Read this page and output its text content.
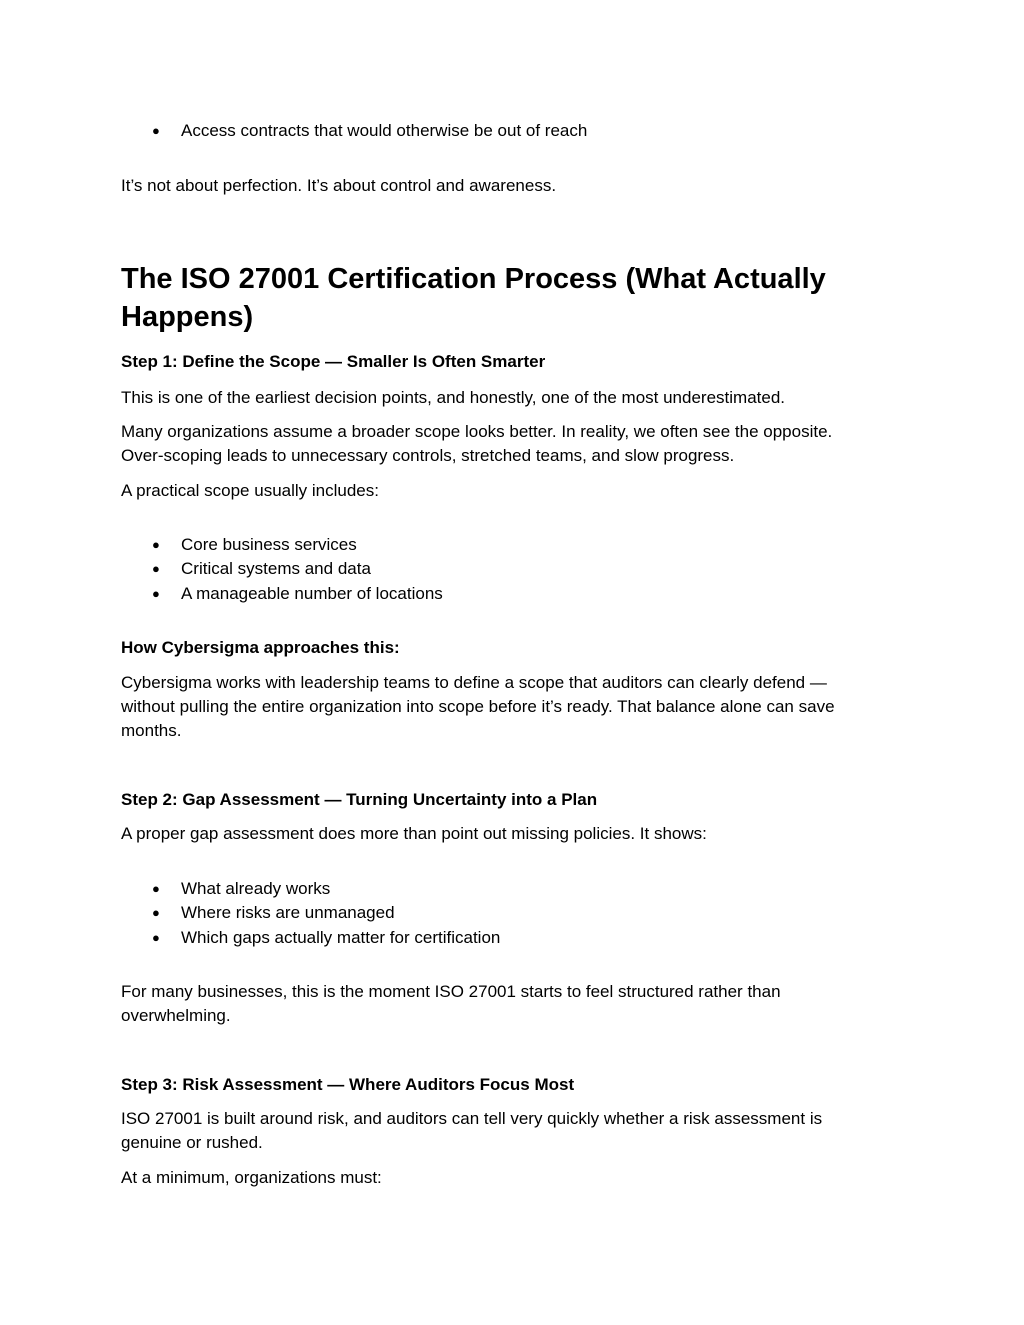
● Access contracts that would otherwise be out of reach

It’s not about perfection. It’s about control and awareness.

The ISO 27001 Certification Process (What Actually Happens)
Step 1: Define the Scope — Smaller Is Often Smarter

This is one of the earliest decision points, and honestly, one of the most underestimated.

Many organizations assume a broader scope looks better. In reality, we often see the opposite.

Over-scoping leads to unnecessary controls, stretched teams, and slow progress.

A practical scope usually includes:

● Core business services
● Critical systems and data
● A manageable number of locations
How Cybersigma approaches this:

Cybersigma works with leadership teams to define a scope that auditors can clearly defend —

without pulling the entire organization into scope before it’s ready. That balance alone can save

months.

Step 2: Gap Assessment — Turning Uncertainty into a Plan

A proper gap assessment does more than point out missing policies. It shows:

● What already works
● Where risks are unmanaged
● Which gaps actually matter for certification

For many businesses, this is the moment ISO 27001 starts to feel structured rather than

overwhelming.

Step 3: Risk Assessment — Where Auditors Focus Most

ISO 27001 is built around risk, and auditors can tell very quickly whether a risk assessment is

genuine or rushed.

At a minimum, organizations must:
